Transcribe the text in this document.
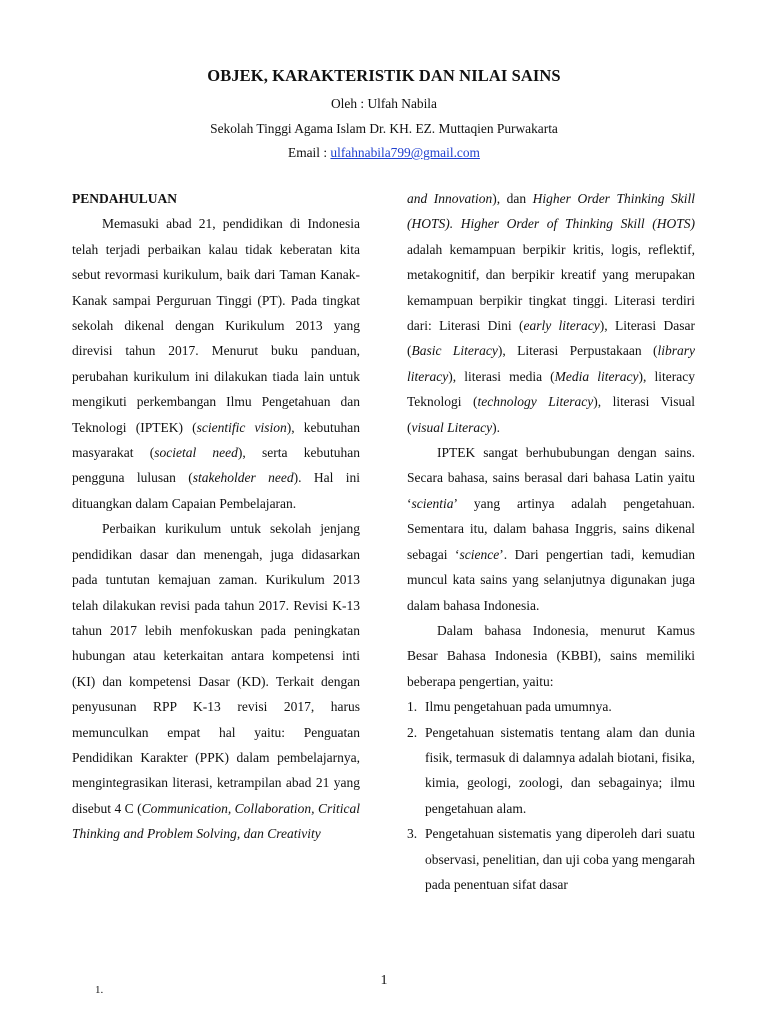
OBJEK, KARAKTERISTIK DAN NILAI SAINS

Oleh : Ulfah Nabila

Sekolah Tinggi Agama Islam Dr. KH. EZ. Muttaqien Purwakarta

Email : ulfahnabila799@gmail.com

PENDAHULUAN

Memasuki abad 21, pendidikan di Indonesia telah terjadi perbaikan kalau tidak keberatan kita sebut revormasi kurikulum, baik dari Taman Kanak- Kanak sampai Perguruan Tinggi (PT). Pada tingkat sekolah dikenal dengan Kurikulum 2013 yang direvisi tahun 2017. Menurut buku panduan, perubahan kurikulum ini dilakukan tiada lain untuk mengikuti perkembangan Ilmu Pengetahuan dan Teknologi (IPTEK) (scientific vision), kebutuhan masyarakat (societal need), serta kebutuhan pengguna lulusan (stakeholder need). Hal ini dituangkan dalam Capaian Pembelajaran.

Perbaikan kurikulum untuk sekolah jenjang pendidikan dasar dan menengah, juga didasarkan pada tuntutan kemajuan zaman. Kurikulum 2013 telah dilakukan revisi pada tahun 2017. Revisi K-13 tahun 2017 lebih menfokuskan pada peningkatan hubungan atau keterkaitan antara kompetensi inti (KI) dan kompetensi Dasar (KD). Terkait dengan penyusunan RPP K-13 revisi 2017, harus memunculkan empat hal yaitu: Penguatan Pendidikan Karakter (PPK) dalam pembelajarnya, mengintegrasikan literasi, ketrampilan abad 21 yang disebut 4 C (Communication, Collaboration, Critical Thinking and Problem Solving, dan Creativity

and Innovation), dan Higher Order Thinking Skill (HOTS). Higher Order of Thinking Skill (HOTS) adalah kemampuan berpikir kritis, logis, reflektif, metakognitif, dan berpikir kreatif yang merupakan kemampuan berpikir tingkat tinggi. Literasi terdiri dari: Literasi Dini (early literacy), Literasi Dasar (Basic Literacy), Literasi Perpustakaan (library literacy), literasi media (Media literacy), literacy Teknologi (technology Literacy), literasi Visual (visual Literacy).

IPTEK sangat berhububungan dengan sains. Secara bahasa, sains berasal dari bahasa Latin yaitu ‘scientia’ yang artinya adalah pengetahuan. Sementara itu, dalam bahasa Inggris, sains dikenal sebagai ‘science’. Dari pengertian tadi, kemudian muncul kata sains yang selanjutnya digunakan juga dalam bahasa Indonesia.

Dalam bahasa Indonesia, menurut Kamus Besar Bahasa Indonesia (KBBI), sains memiliki beberapa pengertian, yaitu:

1. Ilmu pengetahuan pada umumnya.
2. Pengetahuan sistematis tentang alam dan dunia fisik, termasuk di dalamnya adalah biotani, fisika, kimia, geologi, zoologi, dan sebagainya; ilmu pengetahuan alam.
3. Pengetahuan sistematis yang diperoleh dari suatu observasi, penelitian, dan uji coba yang mengarah pada penentuan sifat dasar
1
1.
